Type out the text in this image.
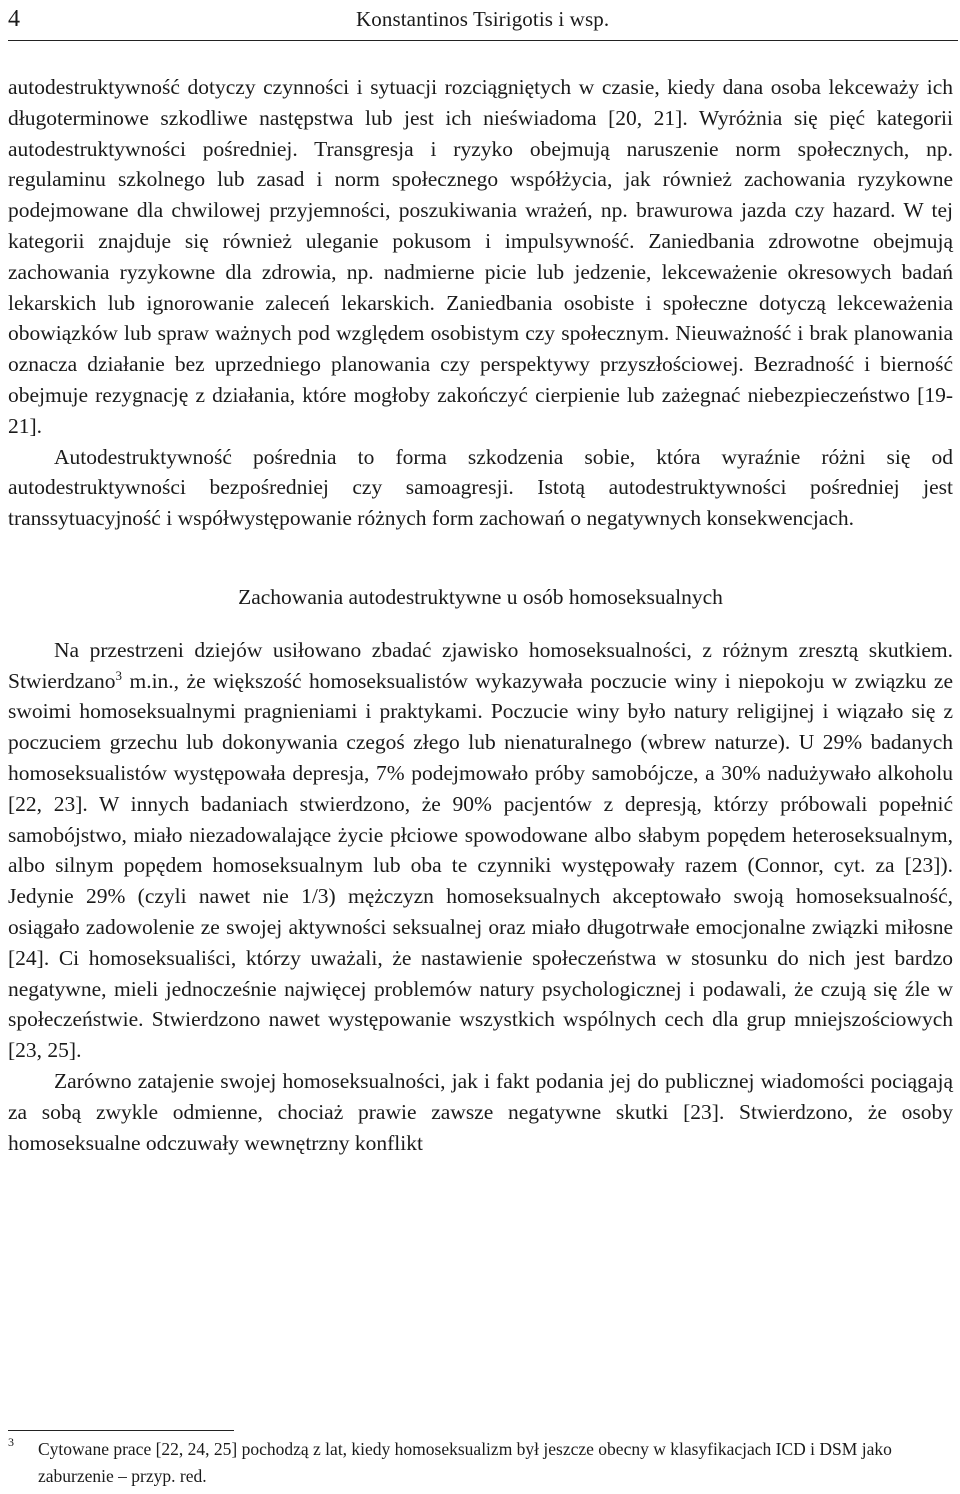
4	Konstantinos Tsirigotis i wsp.

autodestruktywność dotyczy czynności i sytuacji rozciągniętych w czasie, kiedy dana osoba lekceważy ich długoterminowe szkodliwe następstwa lub jest ich nieświadoma [20, 21]. Wyróżnia się pięć kategorii autodestruktywności pośredniej. Transgresja i ryzyko obejmują naruszenie norm społecznych, np. regulaminu szkolnego lub zasad i norm społecznego współżycia, jak również zachowania ryzykowne podejmowane dla chwilowej przyjemności, poszukiwania wrażeń, np. brawurowa jazda czy hazard. W tej kategorii znajduje się również uleganie pokusom i impulsywność. Zaniedbania zdrowotne obejmują zachowania ryzykowne dla zdrowia, np. nadmierne picie lub jedzenie, lekceważenie okresowych badań lekarskich lub ignorowanie zaleceń lekarskich. Zaniedbania osobiste i społeczne dotyczą lekceważenia obowiązków lub spraw ważnych pod względem osobistym czy społecznym. Nieuważność i brak planowania oznacza działanie bez uprzedniego planowania czy perspektywy przyszłościowej. Bezradność i bierność obejmuje rezygnację z działania, które mogłoby zakończyć cierpienie lub zażegnać niebezpieczeństwo [19-21].

Autodestruktywność pośrednia to forma szkodzenia sobie, która wyraźnie różni się od autodestruktywności bezpośredniej czy samoagresji. Istotą autodestruktywności pośredniej jest transsytuacyjność i współwystępowanie różnych form zachowań o negatywnych konsekwencjach.

Zachowania autodestruktywne u osób homoseksualnych

Na przestrzeni dziejów usiłowano zbadać zjawisko homoseksualności, z różnym zresztą skutkiem. Stwierdzano$^3$ m.in., że większość homoseksualistów wykazywała poczucie winy i niepokoju w związku ze swoimi homoseksualnymi pragnieniami i praktykami. Poczucie winy było natury religijnej i wiązało się z poczuciem grzechu lub dokonywania czegoś złego lub nienaturalnego (wbrew naturze). U 29% badanych homoseksualistów występowała depresja, 7% podejmowało próby samobójcze, a 30% nadużywało alkoholu [22, 23]. W innych badaniach stwierdzono, że 90% pacjentów z depresją, którzy próbowali popełnić samobójstwo, miało niezadowalające życie płciowe spowodowane albo słabym popędem heteroseksualnym, albo silnym popędem homoseksualnym lub oba te czynniki występowały razem (Connor, cyt. za [23]). Jedynie 29% (czyli nawet nie 1/3) mężczyzn homoseksualnych akceptowało swoją homoseksualność, osiągało zadowolenie ze swojej aktywności seksualnej oraz miało długotrwałe emocjonalne związki miłosne [24]. Ci homoseksualiści, którzy uważali, że nastawienie społeczeństwa w stosunku do nich jest bardzo negatywne, mieli jednocześnie najwięcej problemów natury psychologicznej i podawali, że czują się źle w społeczeństwie. Stwierdzono nawet występowanie wszystkich wspólnych cech dla grup mniejszościowych [23, 25].

Zarówno zatajenie swojej homoseksualności, jak i fakt podania jej do publicznej wiadomości pociągają za sobą zwykle odmienne, chociaż prawie zawsze negatywne skutki [23]. Stwierdzono, że osoby homoseksualne odczuwały wewnętrzny konflikt

3 Cytowane prace [22, 24, 25] pochodzą z lat, kiedy homoseksualizm był jeszcze obecny w klasyfikacjach ICD i DSM jako zaburzenie – przyp. red.
